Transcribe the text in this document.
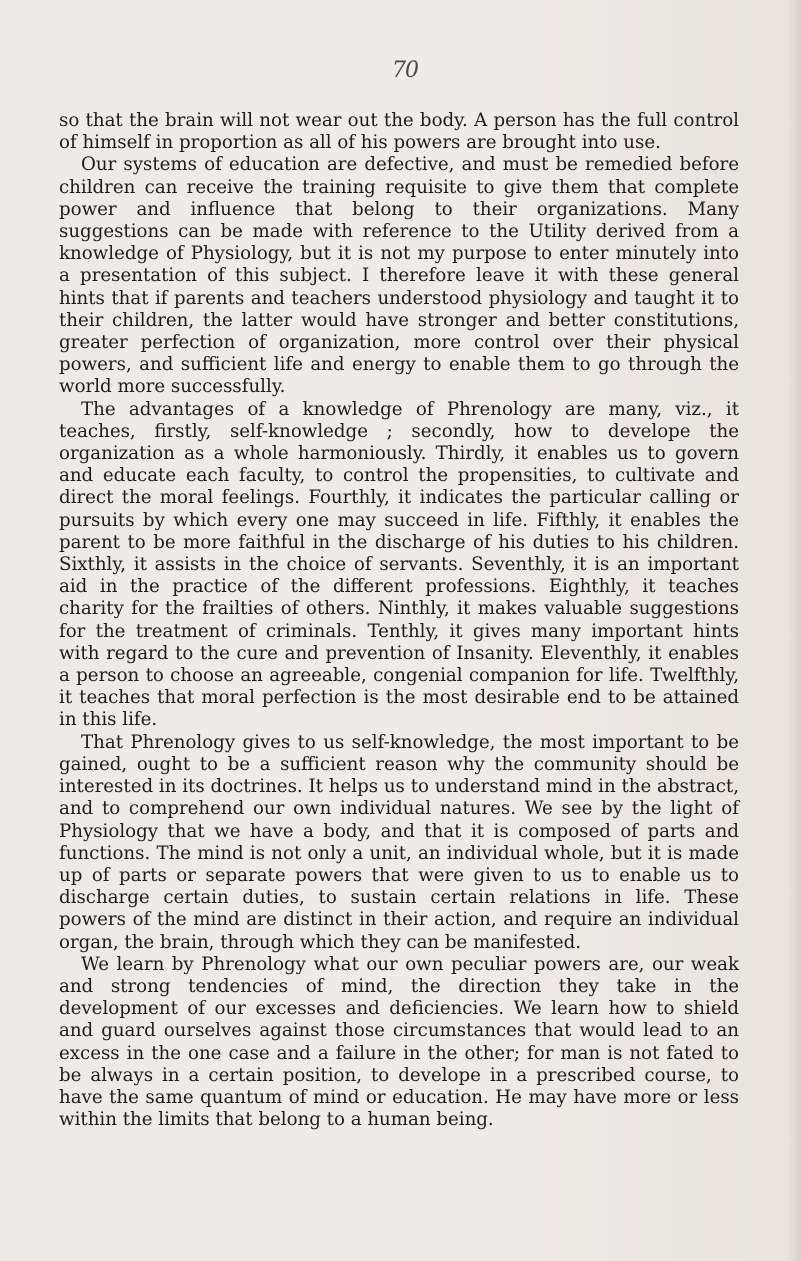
70

so that the brain will not wear out the body. A person has the full control of himself in proportion as all of his powers are brought into use.

Our systems of education are defective, and must be remedied before children can receive the training requisite to give them that complete power and influence that belong to their organizations. Many suggestions can be made with reference to the Utility derived from a knowledge of Physiology, but it is not my purpose to enter minutely into a presentation of this subject. I therefore leave it with these general hints that if parents and teachers understood physiology and taught it to their children, the latter would have stronger and better constitutions, greater perfection of organization, more control over their physical powers, and sufficient life and energy to enable them to go through the world more successfully.

The advantages of a knowledge of Phrenology are many, viz., it teaches, firstly, self-knowledge ; secondly, how to develope the organization as a whole harmoniously. Thirdly, it enables us to govern and educate each faculty, to control the propensities, to cultivate and direct the moral feelings. Fourthly, it indicates the particular calling or pursuits by which every one may succeed in life. Fifthly, it enables the parent to be more faithful in the discharge of his duties to his children. Sixthly, it assists in the choice of servants. Seventhly, it is an important aid in the practice of the different professions. Eighthly, it teaches charity for the frailties of others. Ninthly, it makes valuable suggestions for the treatment of criminals. Tenthly, it gives many important hints with regard to the cure and prevention of Insanity. Eleventhly, it enables a person to choose an agreeable, congenial companion for life. Twelfthly, it teaches that moral perfection is the most desirable end to be attained in this life.

That Phrenology gives to us self-knowledge, the most important to be gained, ought to be a sufficient reason why the community should be interested in its doctrines. It helps us to understand mind in the abstract, and to comprehend our own individual natures. We see by the light of Physiology that we have a body, and that it is composed of parts and functions. The mind is not only a unit, an individual whole, but it is made up of parts or separate powers that were given to us to enable us to discharge certain duties, to sustain certain relations in life. These powers of the mind are distinct in their action, and require an individual organ, the brain, through which they can be manifested.

We learn by Phrenology what our own peculiar powers are, our weak and strong tendencies of mind, the direction they take in the development of our excesses and deficiencies. We learn how to shield and guard ourselves against those circumstances that would lead to an excess in the one case and a failure in the other; for man is not fated to be always in a certain position, to develope in a prescribed course, to have the same quantum of mind or education. He may have more or less within the limits that belong to a human being.
